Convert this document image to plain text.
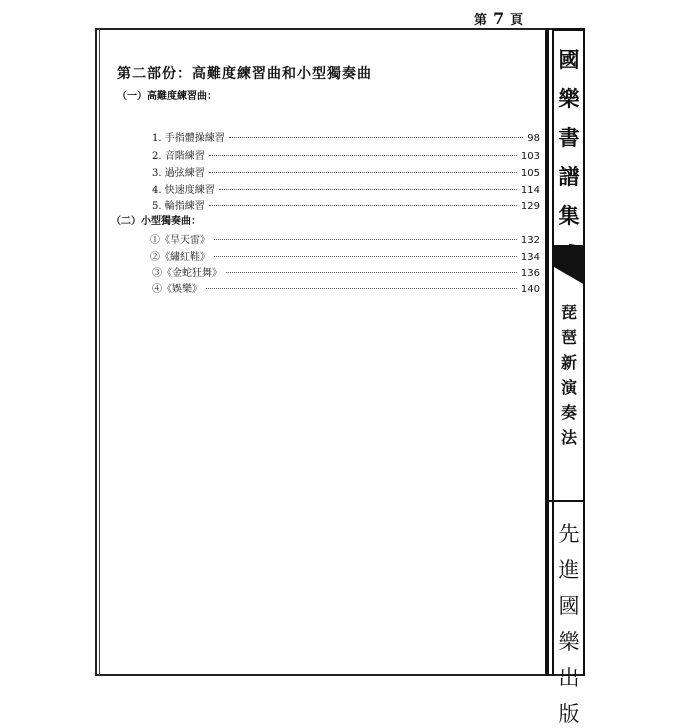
第 7 頁
國
樂
書
譜
集
成
琵
琶
新
演
奏
法
先
進
國
樂
出
版
第二部份：高難度練習曲和小型獨奏曲
（一）高難度練習曲：
1. 手指體操練習	98
2. 音階練習	103
3. 過弦練習	105
4. 快速度練習	114
5. 輪指練習	129
（二）小型獨奏曲：
①《旱天雷》	132
②《繡紅鞋》	134
③《金蛇狂舞》	136
④《娛樂》	140
